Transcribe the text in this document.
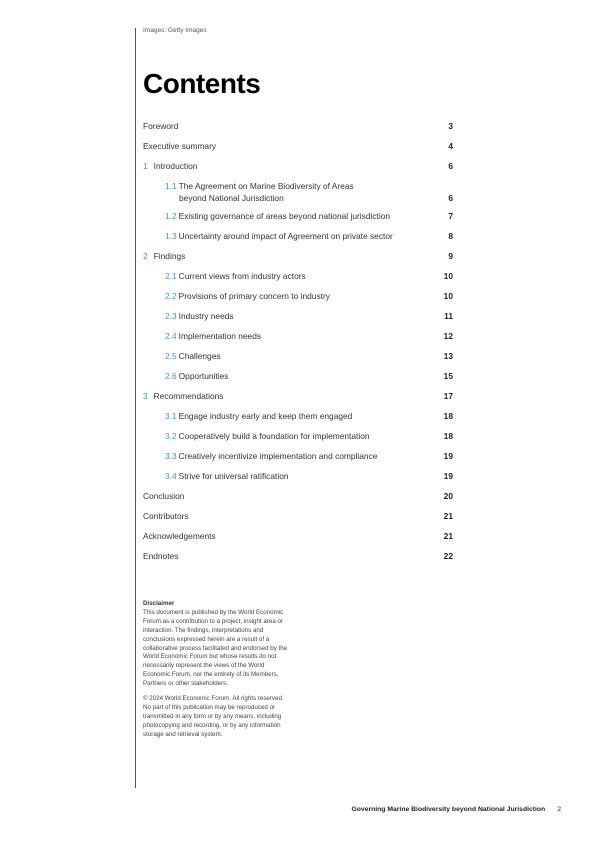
Images: Getty Images
Contents
Foreword	3
Executive summary	4
1 Introduction	6
1.1 The Agreement on Marine Biodiversity of Areas
beyond National Jurisdiction	6
1.2 Existing governance of areas beyond national jurisdiction	7
1.3 Uncertainty around impact of Agreement on private sector	8
2 Findings	9
2.1 Current views from industry actors	10
2.2 Provisions of primary concern to industry	10
2.3 Industry needs	11
2.4 Implementation needs	12
2.5 Challenges	13
2.6 Opportunities	15
3 Recommendations	17
3.1 Engage industry early and keep them engaged	18
3.2 Cooperatively build a foundation for implementation	18
3.3 Creatively incentivize implementation and compliance	19
3.4 Strive for universal ratification	19
Conclusion	20
Contributors	21
Acknowledgements	21
Endnotes	22
Disclaimer

This document is published by the World Economic Forum as a contribution to a project, insight area or interaction. The findings, interpretations and conclusions expressed herein are a result of a collaborative process facilitated and endorsed by the World Economic Forum but whose results do not necessarily represent the views of the World Economic Forum, nor the entirety of its Members, Partners or other stakeholders.

© 2024 World Economic Forum. All rights reserved. No part of this publication may be reproduced or transmitted in any form or by any means, including photocopying and recording, or by any information storage and retrieval system.

Governing Marine Biodiversity beyond National Jurisdiction 2
